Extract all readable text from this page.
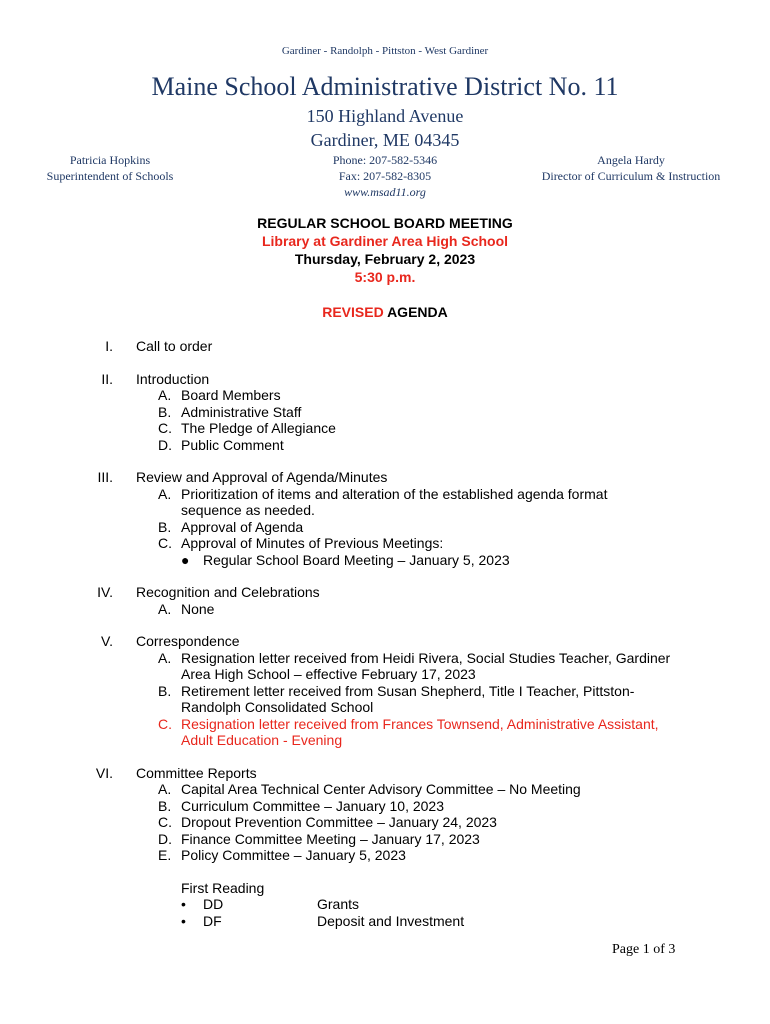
Gardiner - Randolph - Pittston - West Gardiner
Maine School Administrative District No. 11
150 Highland Avenue
Gardiner, ME 04345
Patricia Hopkins
Superintendent of Schools
Phone: 207-582-5346
Fax: 207-582-8305
www.msad11.org
Angela Hardy
Director of Curriculum & Instruction
REGULAR SCHOOL BOARD MEETING
Library at Gardiner Area High School
Thursday, February 2, 2023
5:30 p.m.
REVISED AGENDA
I. Call to order
II. Introduction
A. Board Members
B. Administrative Staff
C. The Pledge of Allegiance
D. Public Comment
III. Review and Approval of Agenda/Minutes
A. Prioritization of items and alteration of the established agenda format sequence as needed.
B. Approval of Agenda
C. Approval of Minutes of Previous Meetings:
● Regular School Board Meeting – January 5, 2023
IV. Recognition and Celebrations
A. None
V. Correspondence
A. Resignation letter received from Heidi Rivera, Social Studies Teacher, Gardiner Area High School – effective February 17, 2023
B. Retirement letter received from Susan Shepherd, Title I Teacher, Pittston-Randolph Consolidated School
C. Resignation letter received from Frances Townsend, Administrative Assistant, Adult Education - Evening
VI. Committee Reports
A. Capital Area Technical Center Advisory Committee – No Meeting
B. Curriculum Committee – January 10, 2023
C. Dropout Prevention Committee – January 24, 2023
D. Finance Committee Meeting – January 17, 2023
E. Policy Committee – January 5, 2023
First Reading
•	DD	Grants
•	DF	Deposit and Investment
Page 1 of 3
